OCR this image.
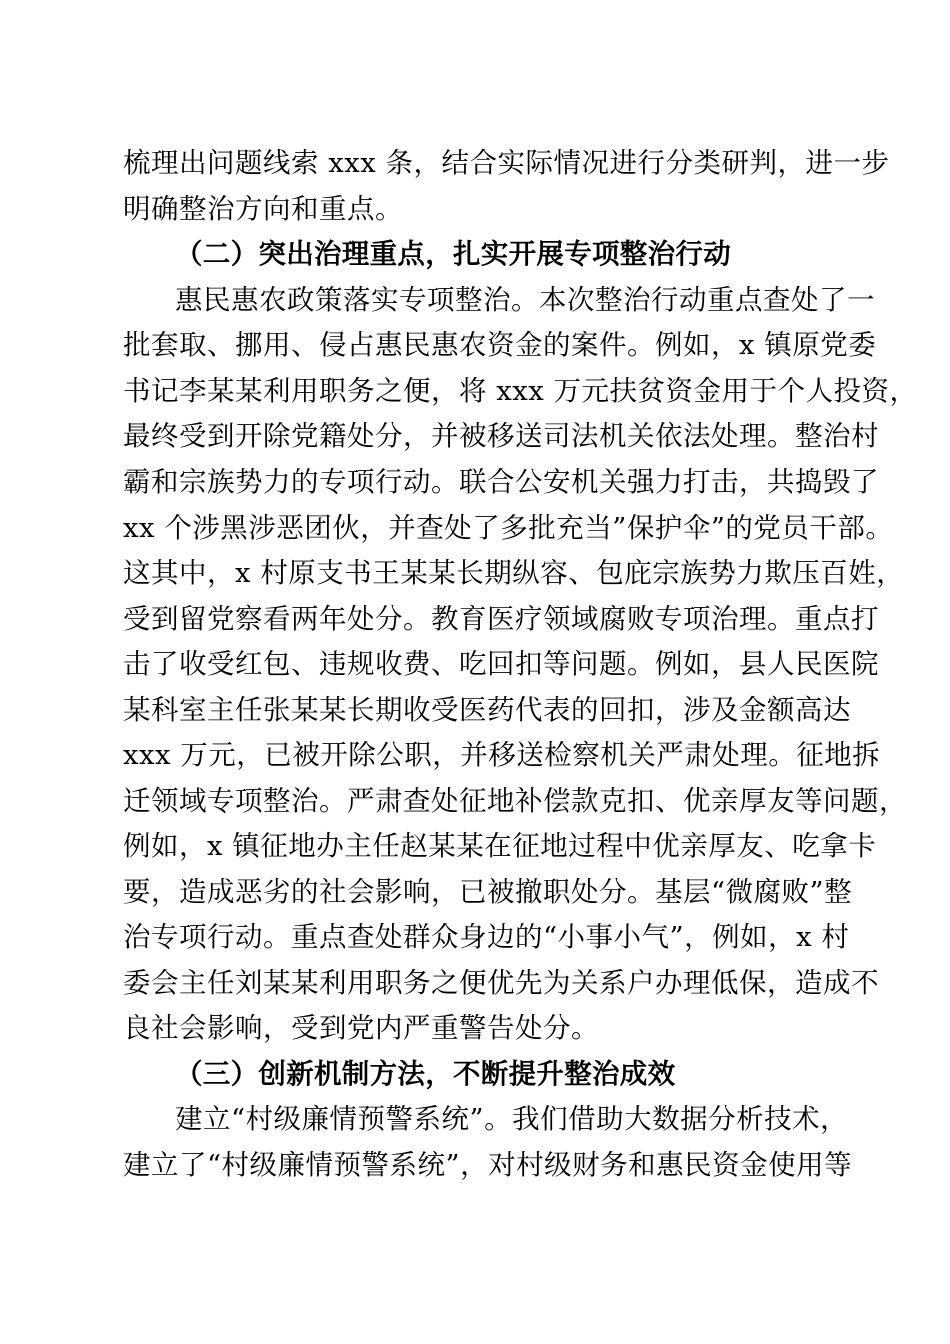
梳理出问题线索 xxx 条，结合实际情况进行分类研判，进一步
明确整治方向和重点。
（二）突出治理重点，扎实开展专项整治行动
惠民惠农政策落实专项整治。本次整治行动重点查处了一
批套取、挪用、侵占惠民惠农资金的案件。例如，x 镇原党委
书记李某某利用职务之便，将 xxx 万元扶贫资金用于个人投资，
最终受到开除党籍处分，并被移送司法机关依法处理。整治村
霸和宗族势力的专项行动。联合公安机关强力打击，共捣毁了
xx 个涉黑涉恶团伙，并查处了多批充当”保护伞”的党员干部。
这其中，x 村原支书王某某长期纵容、包庇宗族势力欺压百姓，
受到留党察看两年处分。教育医疗领域腐败专项治理。重点打
击了收受红包、违规收费、吃回扣等问题。例如，县人民医院
某科室主任张某某长期收受医药代表的回扣，涉及金额高达
xxx 万元，已被开除公职，并移送检察机关严肃处理。征地拆
迁领域专项整治。严肃查处征地补偿款克扣、优亲厚友等问题，
例如，x 镇征地办主任赵某某在征地过程中优亲厚友、吃拿卡
要，造成恶劣的社会影响，已被撤职处分。基层“微腐败”整
治专项行动。重点查处群众身边的“小事小气”，例如，x 村
委会主任刘某某利用职务之便优先为关系户办理低保，造成不
良社会影响，受到党内严重警告处分。
（三）创新机制方法，不断提升整治成效
建立“村级廉情预警系统”。我们借助大数据分析技术，
建立了“村级廉情预警系统”，对村级财务和惠民资金使用等
